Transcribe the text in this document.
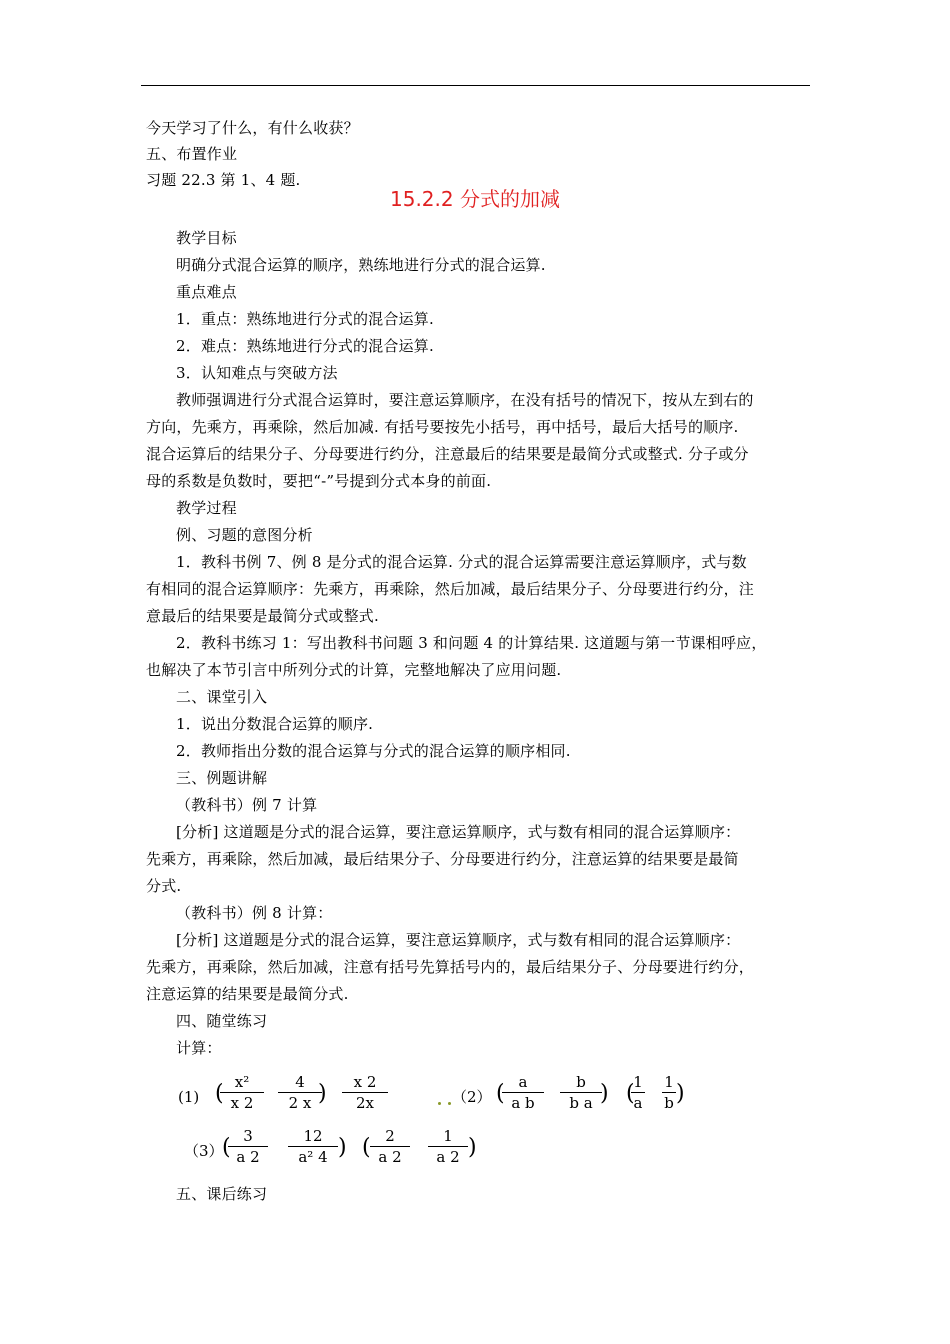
今天学习了什么，有什么收获？
五、布置作业
习题 22.3 第 1、4 题.
15.2.2 分式的加减
教学目标
明确分式混合运算的顺序，熟练地进行分式的混合运算.
重点难点
1．重点：熟练地进行分式的混合运算.
2．难点：熟练地进行分式的混合运算.
3．认知难点与突破方法
教师强调进行分式混合运算时，要注意运算顺序，在没有括号的情况下，按从左到右的
方向，先乘方，再乘除，然后加减. 有括号要按先小括号，再中括号，最后大括号的顺序.
混合运算后的结果分子、分母要进行约分，注意最后的结果要是最简分式或整式. 分子或分
母的系数是负数时，要把“-”号提到分式本身的前面.
教学过程
例、习题的意图分析
1．教科书例 7、例 8 是分式的混合运算. 分式的混合运算需要注意运算顺序，式与数
有相同的混合运算顺序：先乘方，再乘除，然后加减，最后结果分子、分母要进行约分，注
意最后的结果要是最简分式或整式.
2．教科书练习 1：写出教科书问题 3 和问题 4 的计算结果. 这道题与第一节课相呼应，
也解决了本节引言中所列分式的计算，完整地解决了应用问题.
二、课堂引入
1．说出分数混合运算的顺序.
2．教师指出分数的混合运算与分式的混合运算的顺序相同.
三、例题讲解
（教科书）例 7 计算
[分析] 这道题是分式的混合运算，要注意运算顺序，式与数有相同的混合运算顺序：
先乘方，再乘除，然后加减，最后结果分子、分母要进行约分，注意运算的结果要是最简
分式.
（教科书）例 8 计算：
[分析] 这道题是分式的混合运算，要注意运算顺序，式与数有相同的混合运算顺序：
先乘方，再乘除，然后加减，注意有括号先算括号内的，最后结果分子、分母要进行约分，
注意运算的结果要是最简分式.
四、随堂练习
计算：
(1) ( x²
x 2
4
2 x )	x 2
2x	（2） ( a
a b
b
b a ) (
1
a
1
b )
（3）
( 3
a 2
12
a² 4 ) ( 2
a 2
1
a 2 )
五、课后练习
